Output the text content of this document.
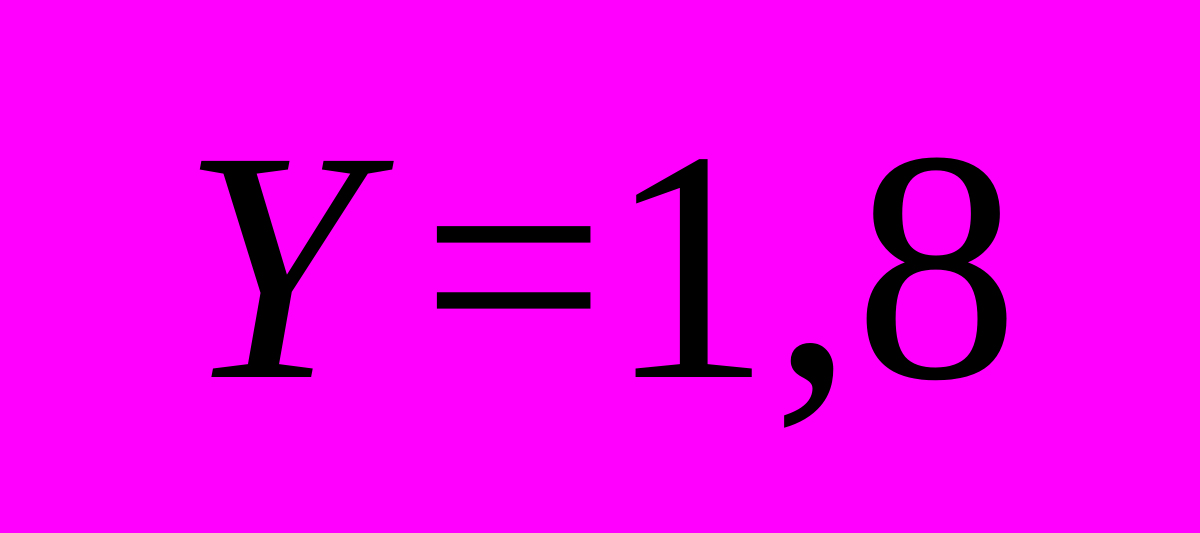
Y = 1,8
